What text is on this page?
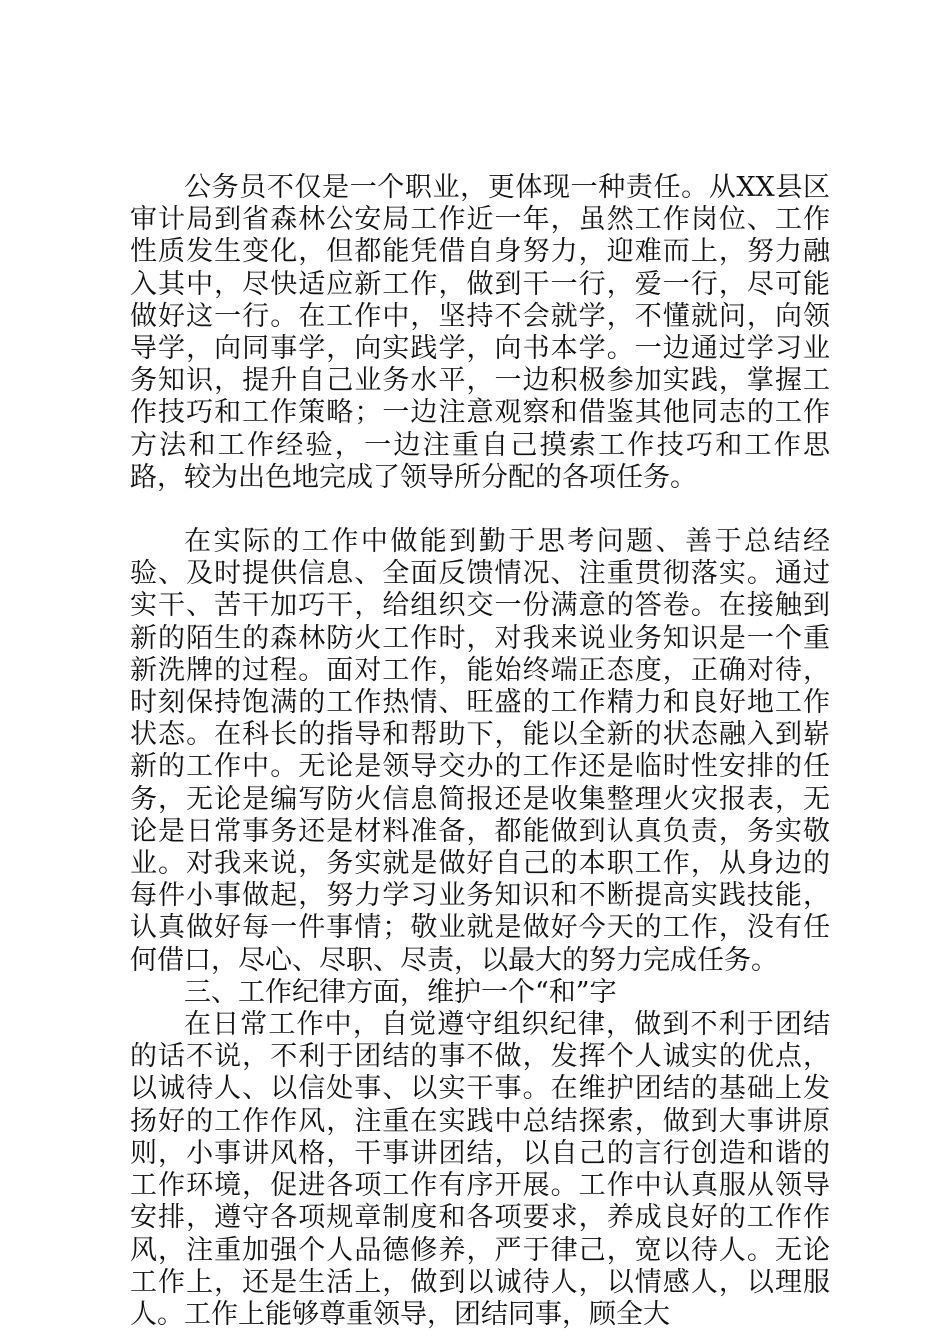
公务员不仅是一个职业，更体现一种责任。从XX县区审计局到省森林公安局工作近一年，虽然工作岗位、工作性质发生变化，但都能凭借自身努力，迎难而上，努力融入其中，尽快适应新工作，做到干一行，爱一行，尽可能做好这一行。在工作中，坚持不会就学，不懂就问，向领导学，向同事学，向实践学，向书本学。一边通过学习业务知识，提升自己业务水平，一边积极参加实践，掌握工作技巧和工作策略；一边注意观察和借鉴其他同志的工作方法和工作经验，一边注重自己摸索工作技巧和工作思路，较为出色地完成了领导所分配的各项任务。

在实际的工作中做能到勤于思考问题、善于总结经验、及时提供信息、全面反馈情况、注重贯彻落实。通过实干、苦干加巧干，给组织交一份满意的答卷。在接触到新的陌生的森林防火工作时，对我来说业务知识是一个重新洗牌的过程。面对工作，能始终端正态度，正确对待，时刻保持饱满的工作热情、旺盛的工作精力和良好地工作状态。在科长的指导和帮助下，能以全新的状态融入到崭新的工作中。无论是领导交办的工作还是临时性安排的任务，无论是编写防火信息简报还是收集整理火灾报表，无论是日常事务还是材料准备，都能做到认真负责，务实敬业。对我来说，务实就是做好自己的本职工作，从身边的每件小事做起，努力学习业务知识和不断提高实践技能，认真做好每一件事情；敬业就是做好今天的工作，没有任何借口，尽心、尽职、尽责，以最大的努力完成任务。

三、工作纪律方面，维护一个“和”字

在日常工作中，自觉遵守组织纪律，做到不利于团结的话不说，不利于团结的事不做，发挥个人诚实的优点，以诚待人、以信处事、以实干事。在维护团结的基础上发扬好的工作作风，注重在实践中总结探索，做到大事讲原则，小事讲风格，干事讲团结，以自己的言行创造和谐的工作环境，促进各项工作有序开展。工作中认真服从领导安排，遵守各项规章制度和各项要求，养成良好的工作作风，注重加强个人品德修养，严于律己，宽以待人。无论工作上，还是生活上，做到以诚待人，以情感人，以理服人。工作上能够尊重领导，团结同事，顾全大
